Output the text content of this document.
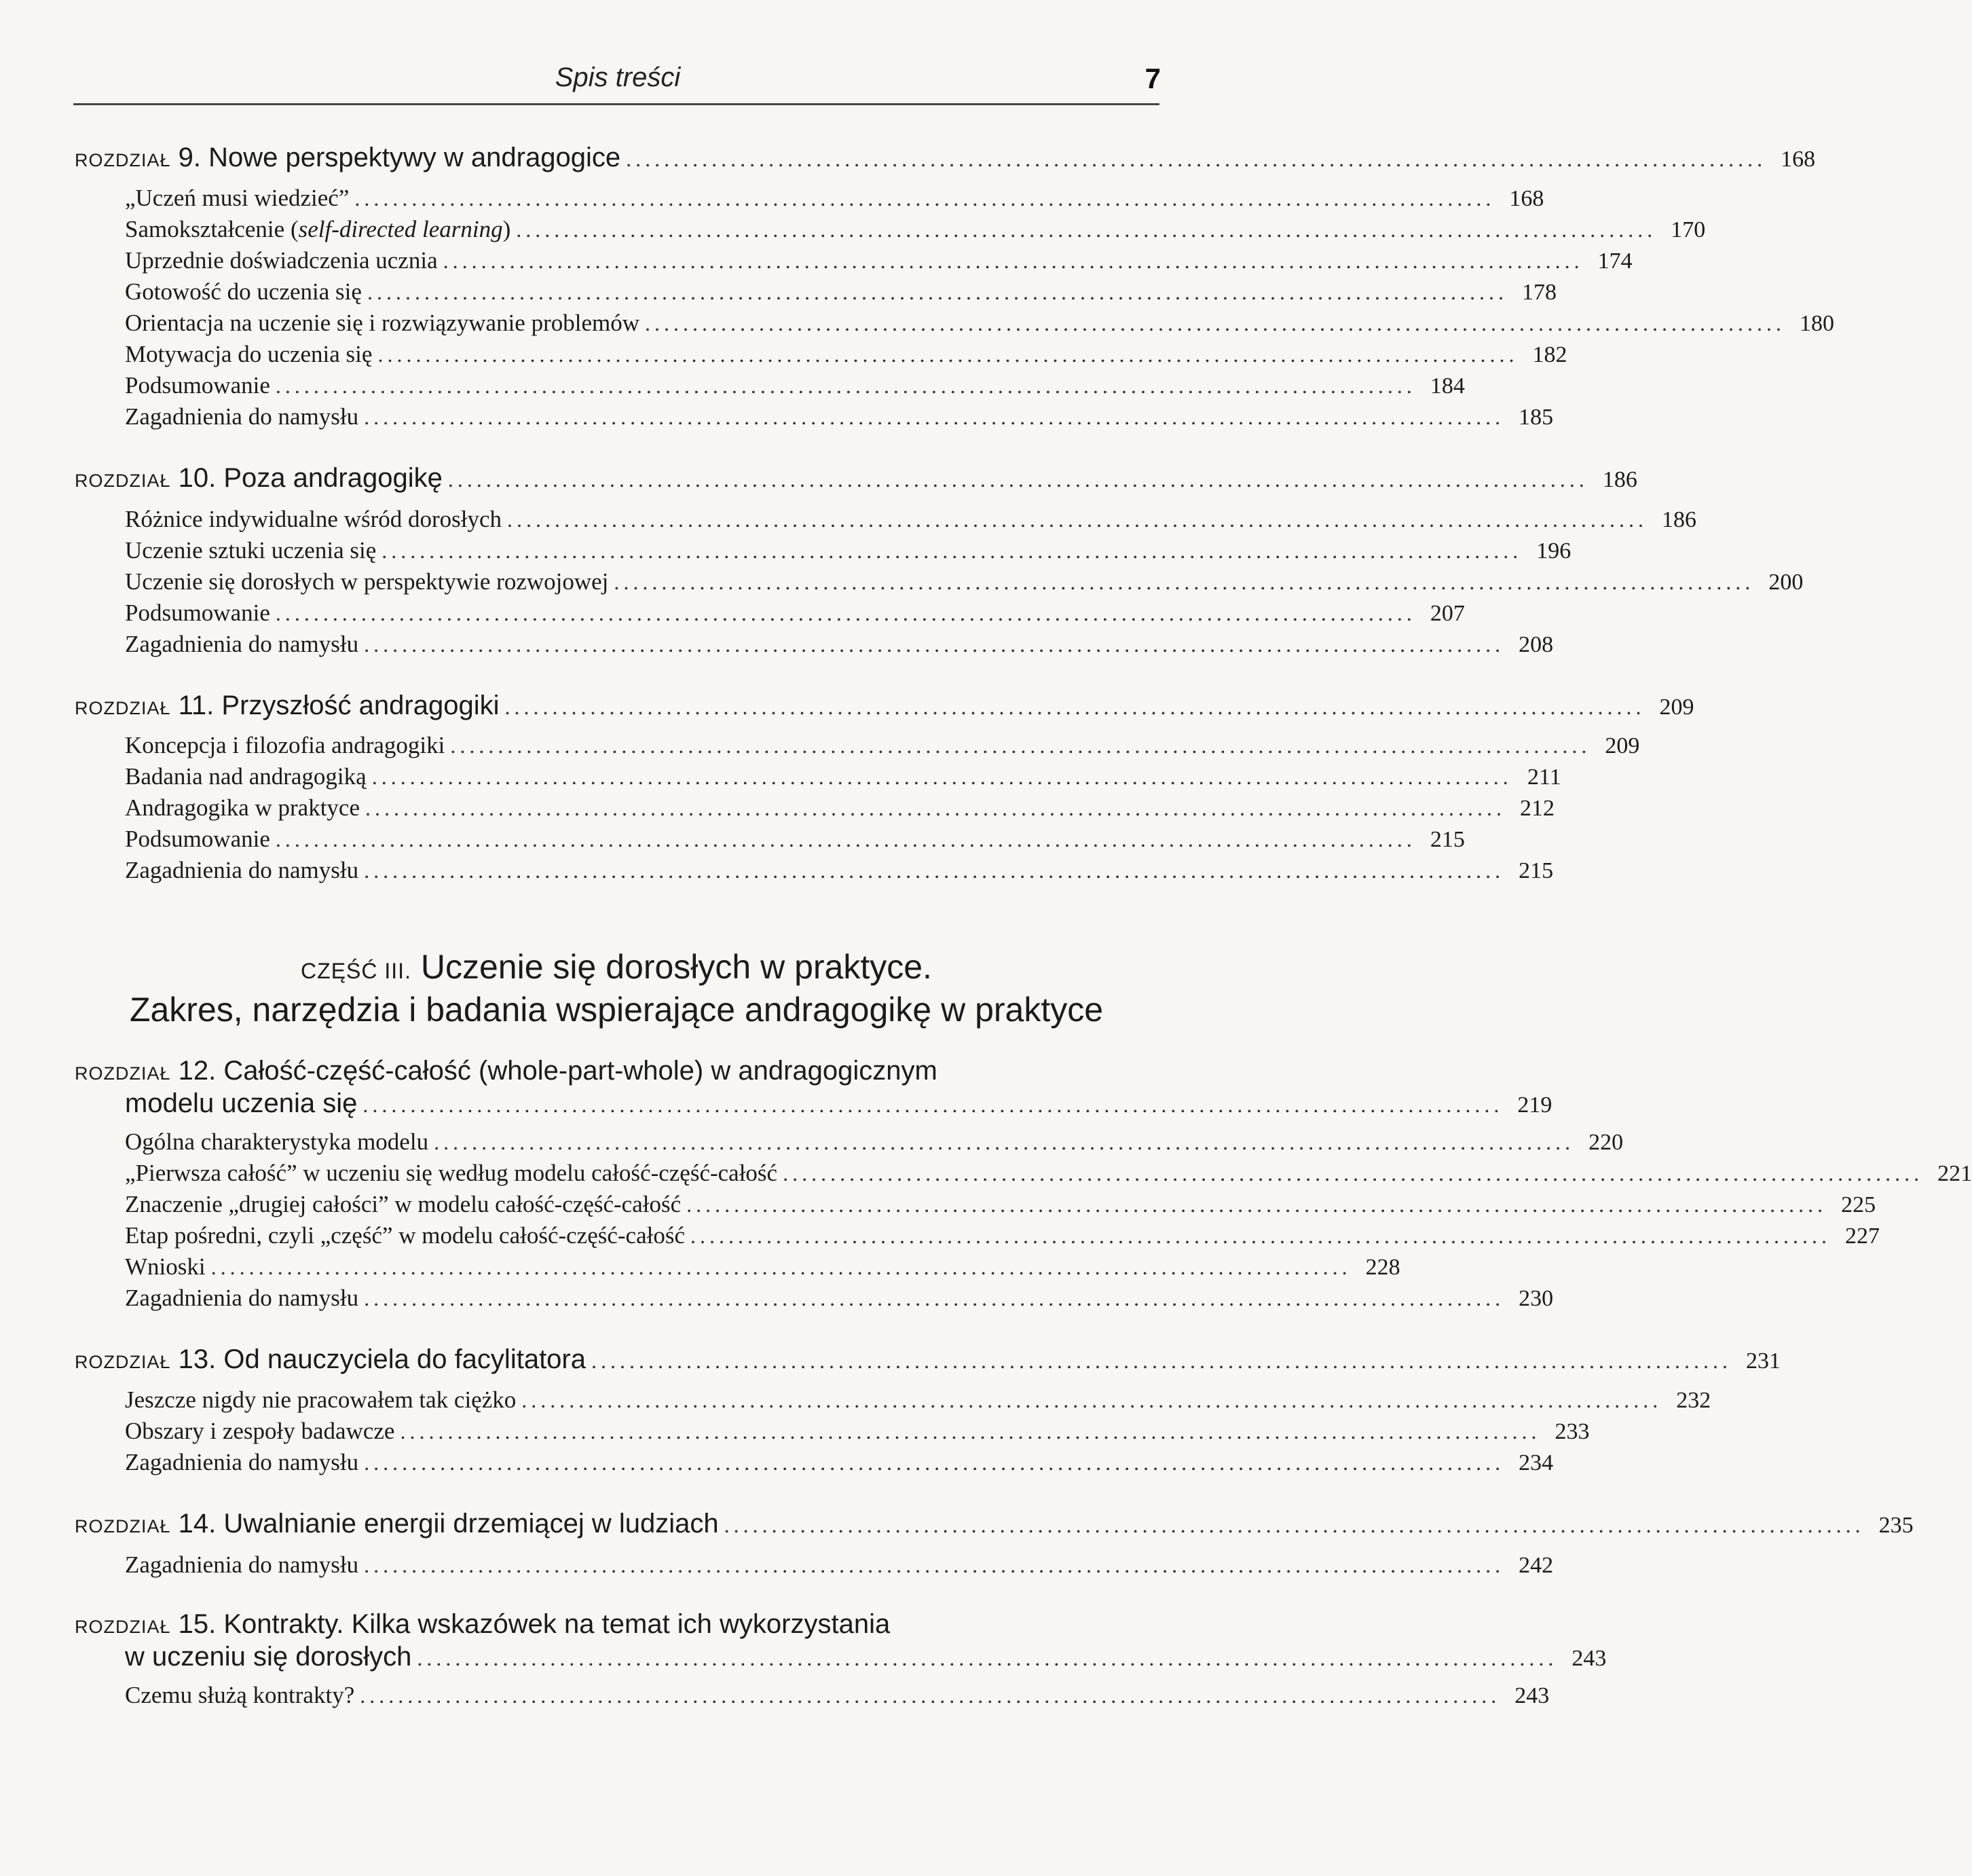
Spis treści	7
ROZDZIAŁ 9. Nowe perspektywy w andragogice ........................................................................................................................ 168
„Uczeń musi wiedzieć” ........................................................................................................................ 168
Samokształcenie (self-directed learning) ........................................................................................................................ 170
Uprzednie doświadczenia ucznia ........................................................................................................................ 174
Gotowość do uczenia się ........................................................................................................................ 178
Orientacja na uczenie się i rozwiązywanie problemów ........................................................................................................................ 180
Motywacja do uczenia się ........................................................................................................................ 182
Podsumowanie ........................................................................................................................ 184
Zagadnienia do namysłu ........................................................................................................................ 185
ROZDZIAŁ 10. Poza andragogikę ........................................................................................................................ 186
Różnice indywidualne wśród dorosłych ........................................................................................................................ 186
Uczenie sztuki uczenia się ........................................................................................................................ 196
Uczenie się dorosłych w perspektywie rozwojowej ........................................................................................................................ 200
Podsumowanie ........................................................................................................................ 207
Zagadnienia do namysłu ........................................................................................................................ 208
ROZDZIAŁ 11. Przyszłość andragogiki ........................................................................................................................ 209
Koncepcja i filozofia andragogiki ........................................................................................................................ 209
Badania nad andragogiką ........................................................................................................................ 211
Andragogika w praktyce ........................................................................................................................ 212
Podsumowanie ........................................................................................................................ 215
Zagadnienia do namysłu ........................................................................................................................ 215
CZĘŚĆ III. Uczenie się dorosłych w praktyce.
Zakres, narzędzia i badania wspierające andragogikę w praktyce
ROZDZIAŁ 12. Całość-część-całość (whole-part-whole) w andragogicznym
modelu uczenia się ........................................................................................................................ 219
Ogólna charakterystyka modelu ........................................................................................................................ 220
„Pierwsza całość” w uczeniu się według modelu całość-część-całość ........................................................................................................................ 221
Znaczenie „drugiej całości” w modelu całość-część-całość ........................................................................................................................ 225
Etap pośredni, czyli „część” w modelu całość-część-całość ........................................................................................................................ 227
Wnioski ........................................................................................................................ 228
Zagadnienia do namysłu ........................................................................................................................ 230
ROZDZIAŁ 13. Od nauczyciela do facylitatora ........................................................................................................................ 231
Jeszcze nigdy nie pracowałem tak ciężko ........................................................................................................................ 232
Obszary i zespoły badawcze ........................................................................................................................ 233
Zagadnienia do namysłu ........................................................................................................................ 234
ROZDZIAŁ 14. Uwalnianie energii drzemiącej w ludziach ........................................................................................................................ 235
Zagadnienia do namysłu ........................................................................................................................ 242
ROZDZIAŁ 15. Kontrakty. Kilka wskazówek na temat ich wykorzystania
w uczeniu się dorosłych ........................................................................................................................ 243
Czemu służą kontrakty? ........................................................................................................................ 243
